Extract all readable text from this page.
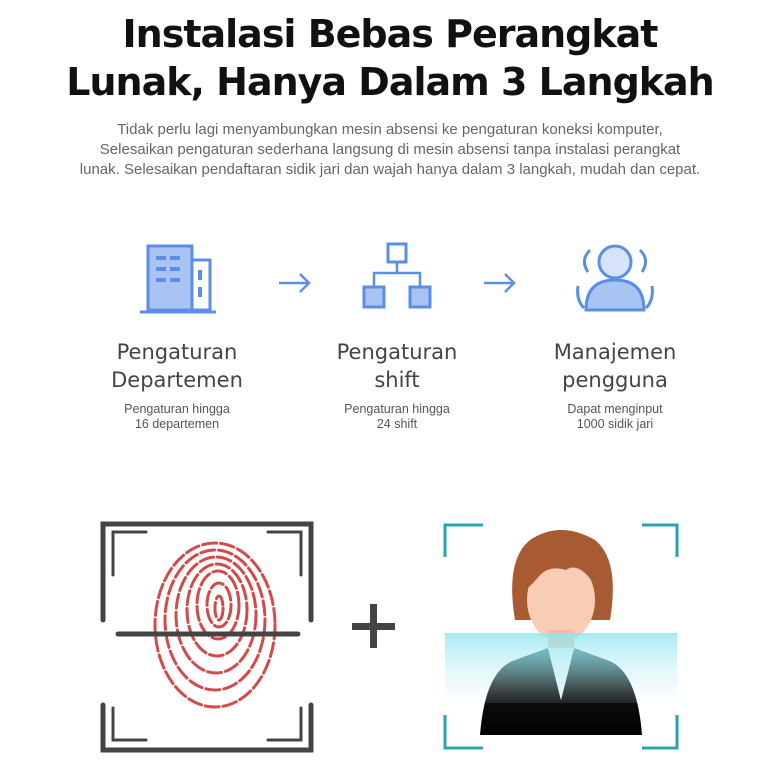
Instalasi Bebas Perangkat
Lunak, Hanya Dalam 3 Langkah
Tidak perlu lagi menyambungkan mesin absensi ke pengaturan koneksi komputer,
Selesaikan pengaturan sederhana langsung di mesin absensi tanpa instalasi perangkat
lunak. Selesaikan pendaftaran sidik jari dan wajah hanya dalam 3 langkah, mudah dan cepat.
Pengaturan
Departemen

Pengaturan hingga
16 departemen

Pengaturan
shift

Pengaturan hingga
24 shift

Manajemen
pengguna

Dapat menginput
1000 sidik jari
